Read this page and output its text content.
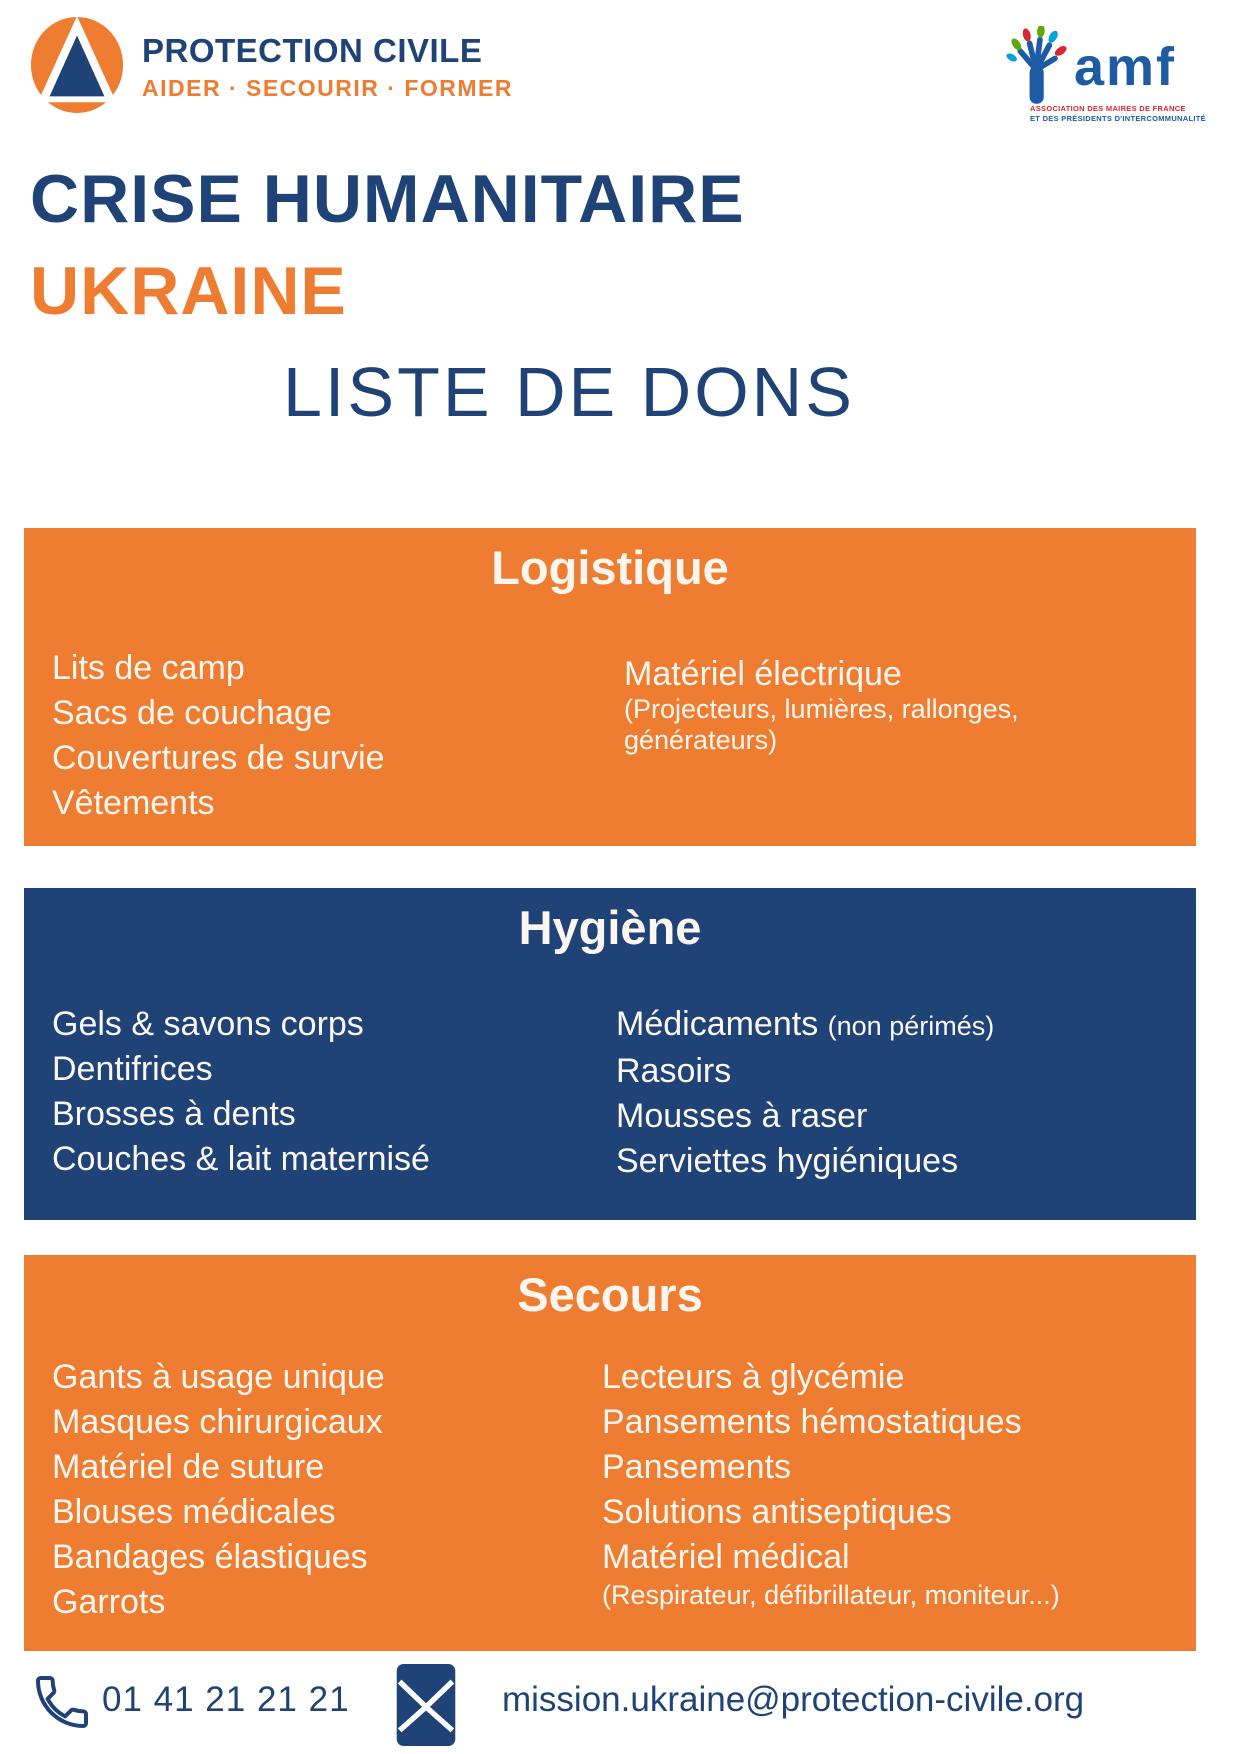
PROTECTION CIVILE
AIDER · SECOURIR · FORMER	amf
ASSOCIATION DES MAIRES DE FRANCE
ET DES PRÉSIDENTS D'INTERCOMMUNALITÉ
CRISE HUMANITAIRE
UKRAINE
LISTE DE DONS
Logistique
Lits de camp
Sacs de couchage
Couvertures de survie
Vêtements
Matériel électrique
(Projecteurs, lumières, rallonges, générateurs)
Hygiène
Gels & savons corps
Dentifrices
Brosses à dents
Couches & lait maternisé
Médicaments (non périmés)
Rasoirs
Mousses à raser
Serviettes hygiéniques
Secours
Gants à usage unique
Masques chirurgicaux
Matériel de suture
Blouses médicales
Bandages élastiques
Garrots
Lecteurs à glycémie
Pansements hémostatiques
Pansements
Solutions antiseptiques
Matériel médical
(Respirateur, défibrillateur, moniteur...)
01 41 21 21 21	mission.ukraine@protection-civile.org
